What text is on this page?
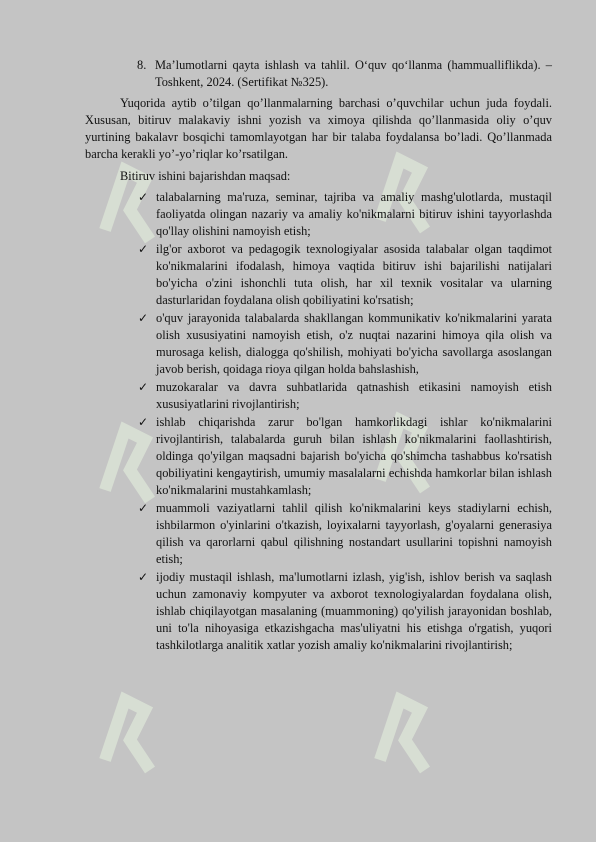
8. Ma’lumotlarni qayta ishlash va tahlil. O‘quv qo‘llanma (hammualliflikda). – Toshkent, 2024. (Sertifikat №325).

Yuqorida aytib o’tilgan qo’llanmalarning barchasi o’quvchilar uchun juda foydali. Xususan, bitiruv malakaviy ishni yozish va ximoya qilishda qo’llanmasida oliy o’quv yurtining bakalavr bosqichi tamomlayotgan har bir talaba foydalansa bo’ladi. Qo’llanmada barcha kerakli yo’-yo’riqlar ko’rsatilgan.

Bitiruv ishini bajarishdan maqsad:
✓ talabalarning ma'ruza, seminar, tajriba va amaliy mashg'ulotlarda, mustaqil faoliyatda olingan nazariy va amaliy ko'nikmalarni bitiruv ishini tayyorlashda qo'llay olishini namoyish etish;
✓ ilg'or axborot va pedagogik texnologiyalar asosida talabalar olgan taqdimot ko'nikmalarini ifodalash, himoya vaqtida bitiruv ishi bajarilishi natijalari bo'yicha o'zini ishonchli tuta olish, har xil texnik vositalar va ularning dasturlaridan foydalana olish qobiliyatini ko'rsatish;
✓ o'quv jarayonida talabalarda shakllangan kommunikativ ko'nikmalarini yarata olish xususiyatini namoyish etish, o'z nuqtai nazarini himoya qila olish va murosaga kelish, dialogga qo'shilish, mohiyati bo'yicha savollarga asoslangan javob berish, qoidaga rioya qilgan holda bahslashish,
✓ muzokaralar va davra suhbatlarida qatnashish etikasini namoyish etish xususiyatlarini rivojlantirish;
✓ ishlab chiqarishda zarur bo'lgan hamkorlikdagi ishlar ko'nikmalarini rivojlantirish, talabalarda guruh bilan ishlash ko'nikmalarini faollashtirish, oldinga qo'yilgan maqsadni bajarish bo'yicha qo'shimcha tashabbus ko'rsatish qobiliyatini kengaytirish, umumiy masalalarni echishda hamkorlar bilan ishlash ko'nikmalarini mustahkamlash;
✓ muammoli vaziyatlarni tahlil qilish ko'nikmalarini keys stadiylarni echish, ishbilarmon o'yinlarini o'tkazish, loyixalarni tayyorlash, g'oyalarni generasiya qilish va qarorlarni qabul qilishning nostandart usullarini topishni namoyish etish;
✓ ijodiy mustaqil ishlash, ma'lumotlarni izlash, yig'ish, ishlov berish va saqlash uchun zamonaviy kompyuter va axborot texnologiyalardan foydalana olish, ishlab chiqilayotgan masalaning (muammoning) qo'yilish jarayonidan boshlab, uni to'la nihoyasiga etkazishgacha mas'uliyatni his etishga o'rgatish, yuqori tashkilotlarga analitik xatlar yozish amaliy ko'nikmalarini rivojlantirish;
